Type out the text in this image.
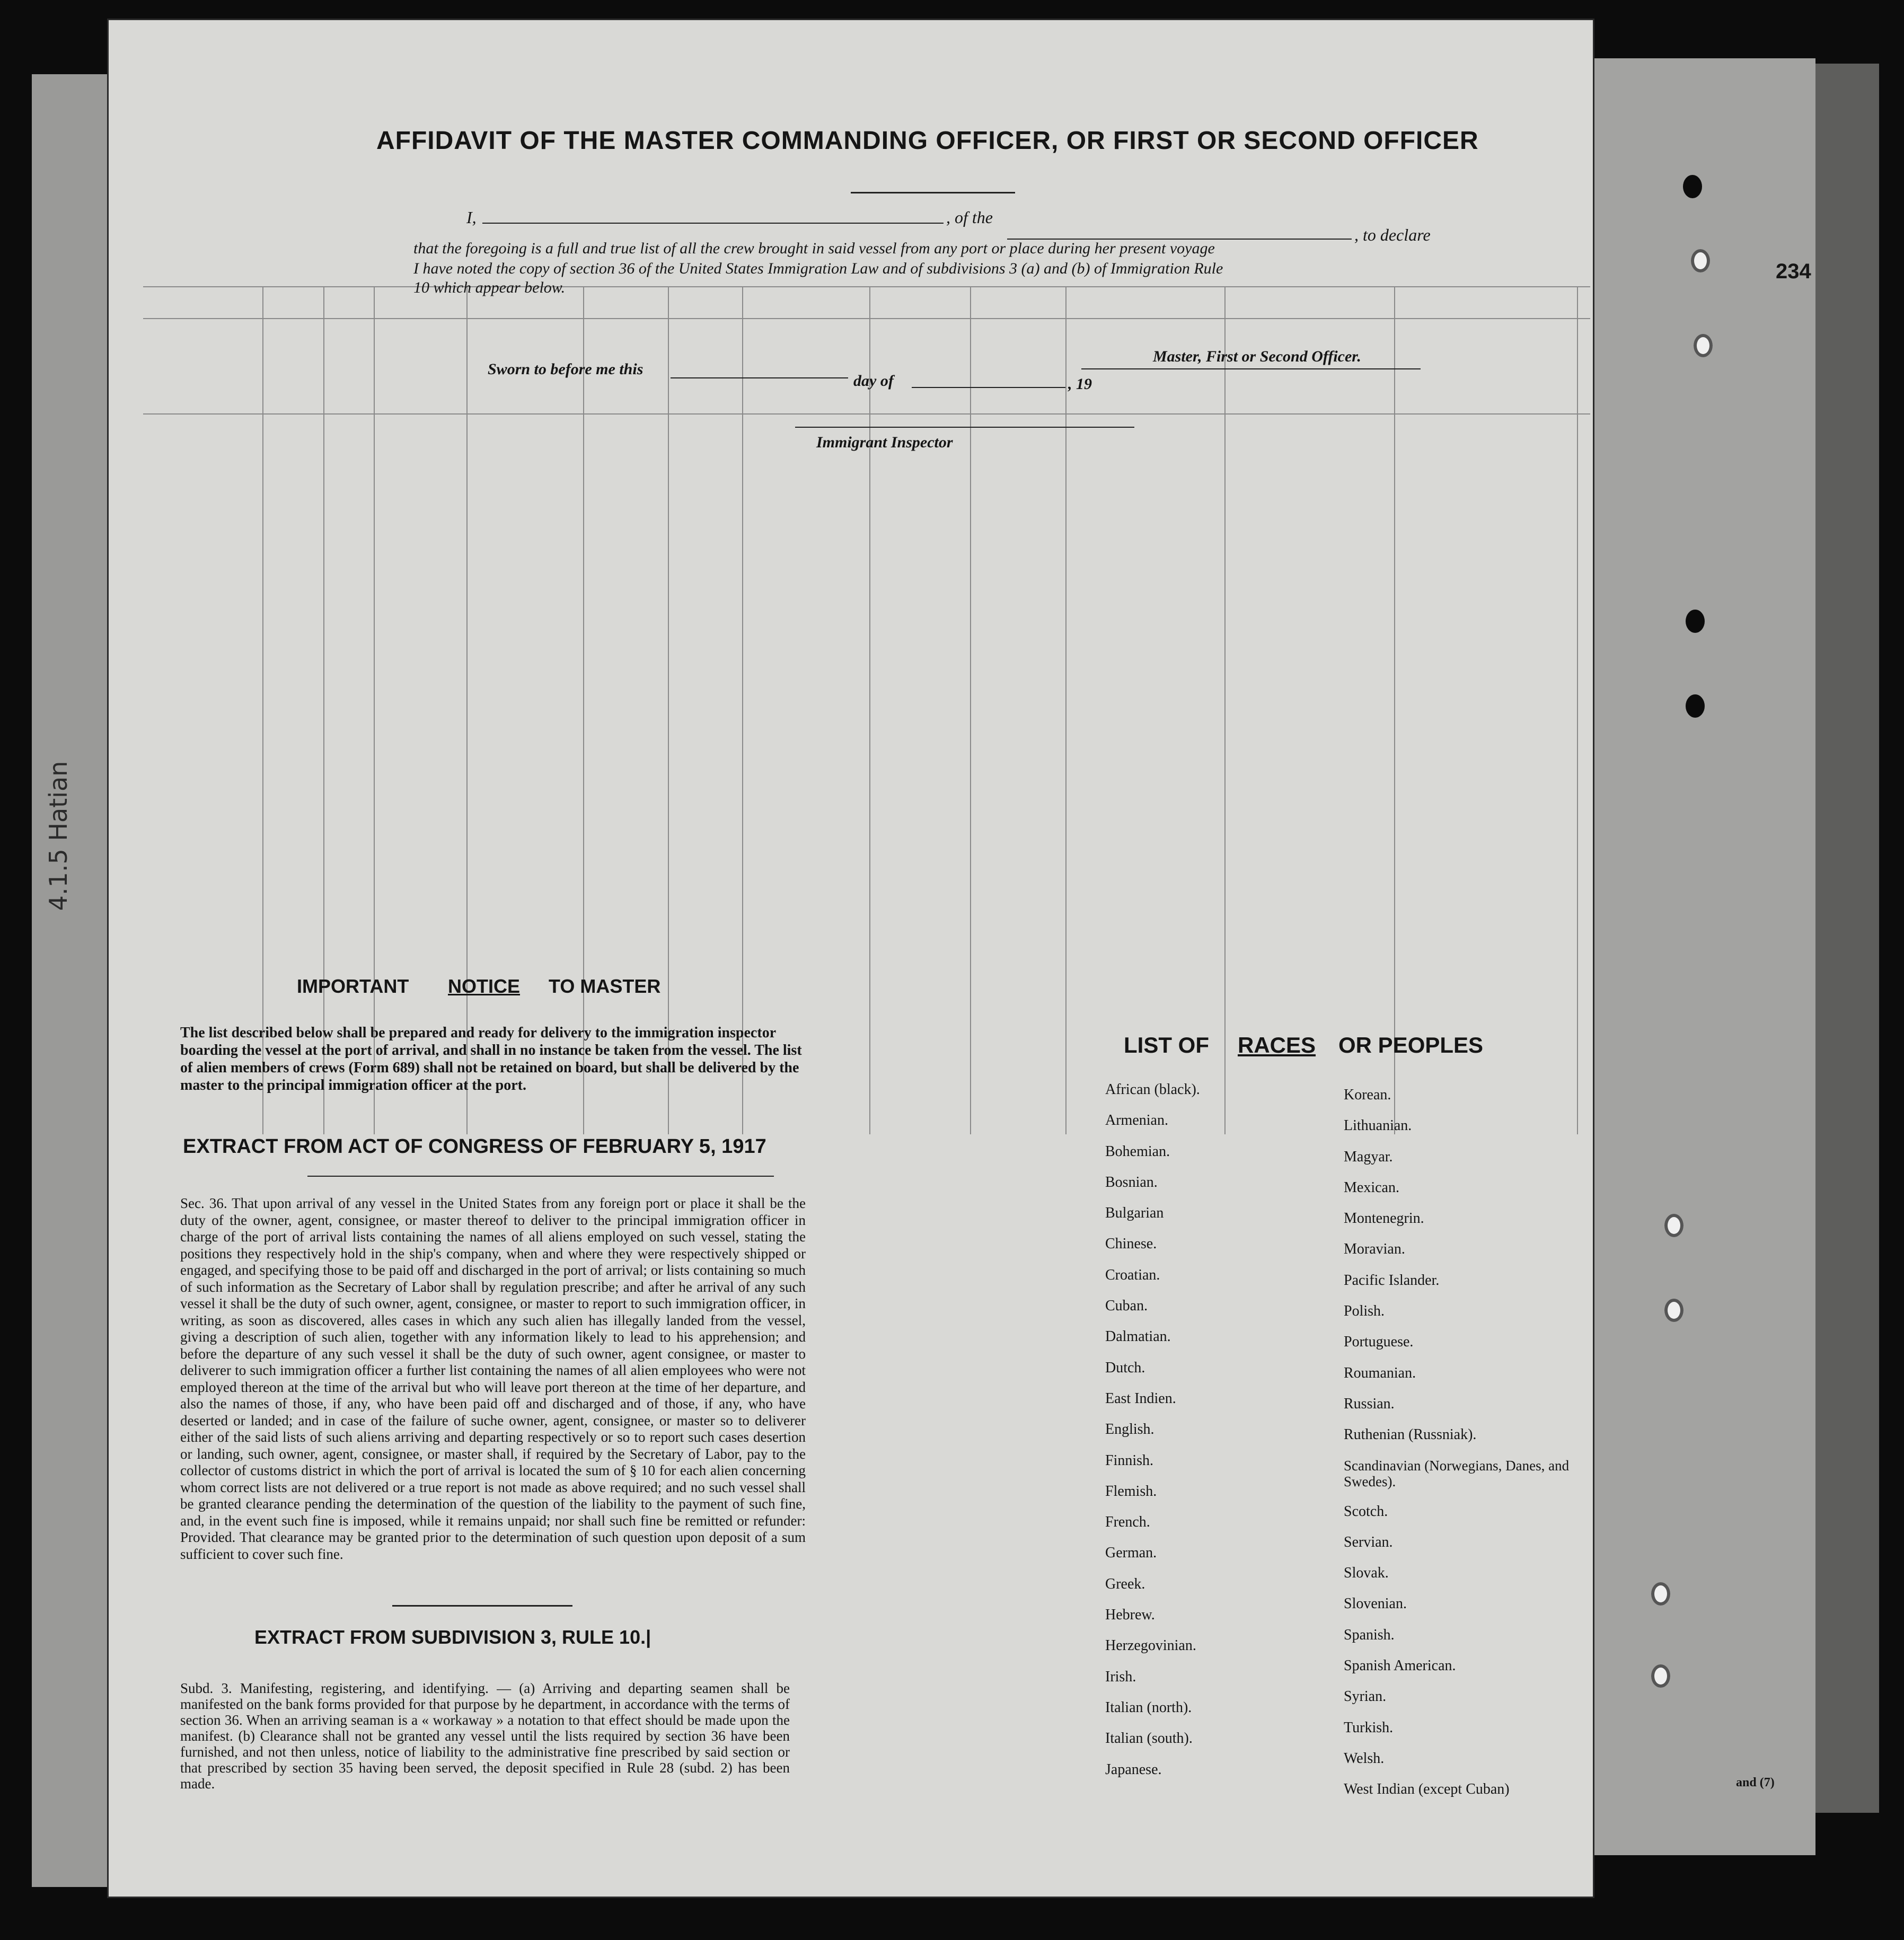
234
AFFIDAVIT OF THE MASTER COMMANDING OFFICER, OR FIRST OR SECOND OFFICER
I,	, of the
, to declare
that the foregoing is a full and true list of all the crew brought in said vessel from any port or place during her present voyage
I have noted the copy of section 36 of the United States Immigration Law and of subdivisions 3 (a) and (b) of Immigration Rule
10 which appear below.
Master, First or Second Officer.
Sworn to before me this
day of	, 19
Immigrant Inspector
IMPORTANT NOTICE TO MASTER
The list described below shall be prepared and ready for delivery to the immigration inspector boarding the vessel at the port of arrival, and shall in no instance be taken from the vessel. The list of alien members of crews (Form 689) shall not be retained on board, but shall be delivered by the master to the principal immigration officer at the port.
EXTRACT FROM ACT OF CONGRESS OF FEBRUARY 5, 1917
Sec. 36. That upon arrival of any vessel in the United States from any foreign port or place it shall be the duty of the owner, agent, consignee, or master thereof to deliver to the principal immigration officer in charge of the port of arrival lists containing the names of all aliens employed on such vessel, stating the positions they respectively hold in the ship's company, when and where they were respectively shipped or engaged, and specifying those to be paid off and discharged in the port of arrival; or lists containing so much of such information as the Secretary of Labor shall by regulation prescribe; and after he arrival of any such vessel it shall be the duty of such owner, agent, consignee, or master to report to such immigration officer, in writing, as soon as discovered, alles cases in which any such alien has illegally landed from the vessel, giving a description of such alien, together with any information likely to lead to his apprehension; and before the departure of any such vessel it shall be the duty of such owner, agent consignee, or master to deliverer to such immigration officer a further list containing the names of all alien employees who were not employed thereon at the time of the arrival but who will leave port thereon at the time of her departure, and also the names of those, if any, who have been paid off and discharged and of those, if any, who have deserted or landed; and in case of the failure of suche owner, agent, consignee, or master so to deliverer either of the said lists of such aliens arriving and departing respectively or so to report such cases desertion or landing, such owner, agent, consignee, or master shall, if required by the Secretary of Labor, pay to the collector of customs district in which the port of arrival is located the sum of § 10 for each alien concerning whom correct lists are not delivered or a true report is not made as above required; and no such vessel shall be granted clearance pending the determination of the question of the liability to the payment of such fine, and, in the event such fine is imposed, while it remains unpaid; nor shall such fine be remitted or refunder: Provided. That clearance may be granted prior to the determination of such question upon deposit of a sum sufficient to cover such fine.
EXTRACT FROM SUBDIVISION 3, RULE 10.|
Subd. 3. Manifesting, registering, and identifying. — (a) Arriving and departing seamen shall be manifested on the bank forms provided for that purpose by he department, in accordance with the terms of section 36. When an arriving seaman is a « workaway » a notation to that effect should be made upon the manifest. (b) Clearance shall not be granted any vessel until the lists required by section 36 have been furnished, and not then unless, notice of liability to the administrative fine prescribed by said section or that prescribed by section 35 having been served, the deposit specified in Rule 28 (subd. 2) has been made.
LIST OF RACES OR PEOPLES
African (black).
Armenian.
Bohemian.
Bosnian.
Bulgarian
Chinese.
Croatian.
Cuban.
Dalmatian.
Dutch.
East Indien.
English.
Finnish.
Flemish.
French.
German.
Greek.
Hebrew.
Herzegovinian.
Irish.
Italian (north).
Italian (south).
Japanese.
Korean.
Lithuanian.
Magyar.
Mexican.
Montenegrin.
Moravian.
Pacific Islander.
Polish.
Portuguese.
Roumanian.
Russian.
Ruthenian (Russniak).
Scandinavian (Norwegians, Danes, and Swedes).
Scotch.
Servian.
Slovak.
Slovenian.
Spanish.
Spanish American.
Syrian.
Turkish.
Welsh.
West Indian (except Cuban)
4.1.5 Hatian
and (7)
